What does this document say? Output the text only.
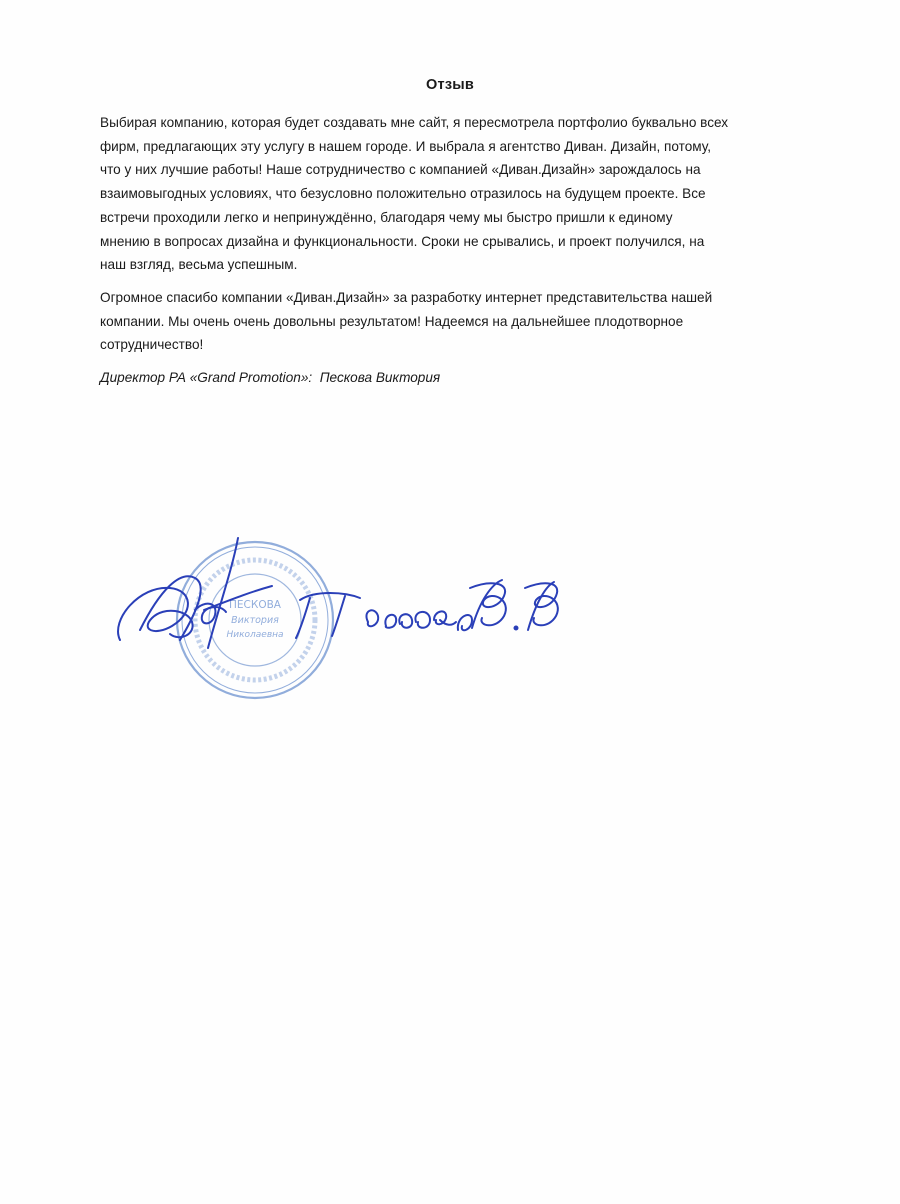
Отзыв

Выбирая компанию, которая будет создавать мне сайт, я пересмотрела портфолио буквально всех
фирм, предлагающих эту услугу в нашем городе. И выбрала я агентство Диван. Дизайн, потому,
что у них лучшие работы! Наше сотрудничество с компанией «Диван.Дизайн» зарождалось на
взаимовыгодных условиях, что безусловно положительно отразилось на будущем проекте. Все
встречи проходили легко и непринуждённо, благодаря чему мы быстро пришли к единому
мнению в вопросах дизайна и функциональности. Сроки не срывались, и проект получился, на
наш взгляд, весьма успешным.

Огромное спасибо компании «Диван.Дизайн» за разработку интернет представительства нашей
компании. Мы очень очень довольны результатом! Надеемся на дальнейшее плодотворное
сотрудничество!

Директор РА «Grand Promotion»:  Пескова Виктория
ПЕСКОВА
Виктория
Николаевна
